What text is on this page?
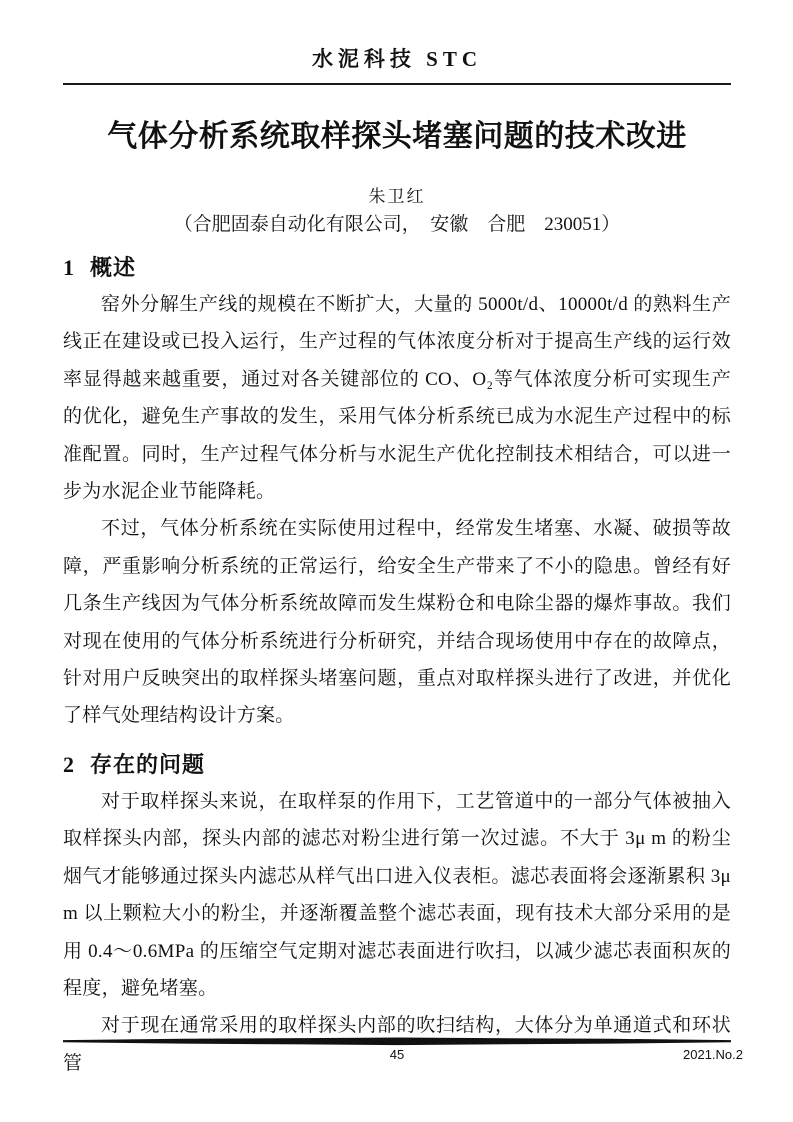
水泥科技 STC
气体分析系统取样探头堵塞问题的技术改进
朱卫红
（合肥固泰自动化有限公司，　安徽　合肥　230051）
1 概述

窑外分解生产线的规模在不断扩大，大量的 5000t/d、10000t/d 的熟料生产线正在建设或已投入运行，生产过程的气体浓度分析对于提高生产线的运行效率显得越来越重要，通过对各关键部位的 CO、O₂等气体浓度分析可实现生产的优化，避免生产事故的发生，采用气体分析系统已成为水泥生产过程中的标准配置。同时，生产过程气体分析与水泥生产优化控制技术相结合，可以进一步为水泥企业节能降耗。

不过，气体分析系统在实际使用过程中，经常发生堵塞、水凝、破损等故障，严重影响分析系统的正常运行，给安全生产带来了不小的隐患。曾经有好几条生产线因为气体分析系统故障而发生煤粉仓和电除尘器的爆炸事故。我们对现在使用的气体分析系统进行分析研究，并结合现场使用中存在的故障点，针对用户反映突出的取样探头堵塞问题，重点对取样探头进行了改进，并优化了样气处理结构设计方案。

2 存在的问题

对于取样探头来说，在取样泵的作用下，工艺管道中的一部分气体被抽入取样探头内部，探头内部的滤芯对粉尘进行第一次过滤。不大于 3μ m 的粉尘烟气才能够通过探头内滤芯从样气出口进入仪表柜。滤芯表面将会逐渐累积 3μ m 以上颗粒大小的粉尘，并逐渐覆盖整个滤芯表面，现有技术大部分采用的是用 0.4～0.6MPa 的压缩空气定期对滤芯表面进行吹扫，以减少滤芯表面积灰的程度，避免堵塞。

对于现在通常采用的取样探头内部的吹扫结构，大体分为单通道式和环状管	45	2021.No.2
